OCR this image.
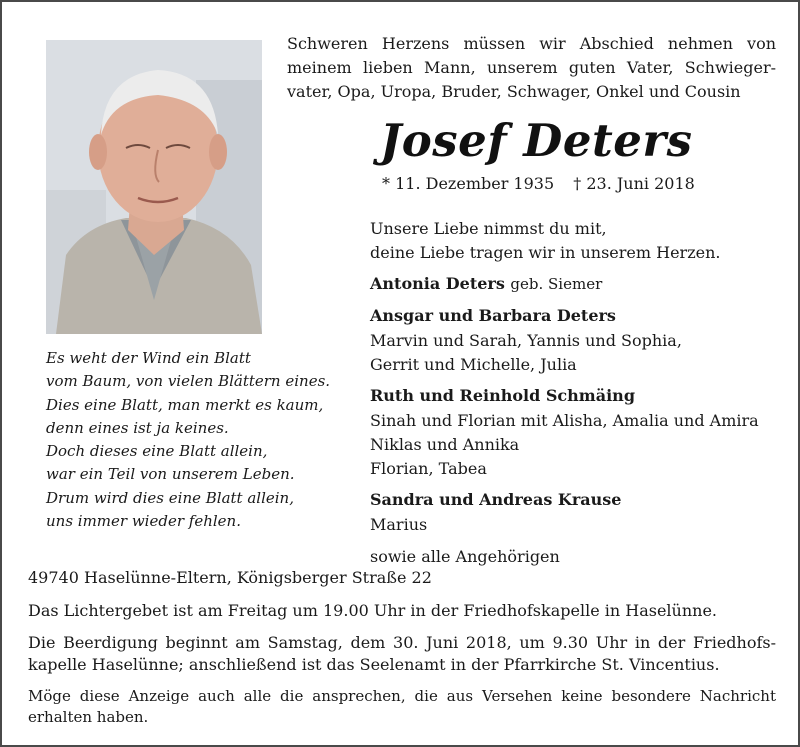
Schweren Herzens müssen wir Abschied nehmen von meinem lieben Mann, unserem guten Vater, Schwieger-vater, Opa, Uropa, Bruder, Schwager, Onkel und Cousin
Josef Deters
* 11. Dezember 1935 † 23. Juni 2018
Unsere Liebe nimmst du mit,
deine Liebe tragen wir in unserem Herzen.
Antonia Deters geb. Siemer
Ansgar und Barbara Deters
Marvin und Sarah, Yannis und Sophia,
Gerrit und Michelle, Julia
Ruth und Reinhold Schmäing
Sinah und Florian mit Alisha, Amalia und Amira
Niklas und Annika
Florian, Tabea
Sandra und Andreas Krause
Marius
sowie alle Angehörigen
Es weht der Wind ein Blatt
vom Baum, von vielen Blättern eines.
Dies eine Blatt, man merkt es kaum,
denn eines ist ja keines.
Doch dieses eine Blatt allein,
war ein Teil von unserem Leben.
Drum wird dies eine Blatt allein,
uns immer wieder fehlen.
49740 Haselünne-Eltern, Königsberger Straße 22
Das Lichtergebet ist am Freitag um 19.00 Uhr in der Friedhofskapelle in Haselünne.
Die Beerdigung beginnt am Samstag, dem 30. Juni 2018, um 9.30 Uhr in der Friedhofs-kapelle Haselünne; anschließend ist das Seelenamt in der Pfarrkirche St. Vincentius.
Möge diese Anzeige auch alle die ansprechen, die aus Versehen keine besondere Nachricht erhalten haben.
